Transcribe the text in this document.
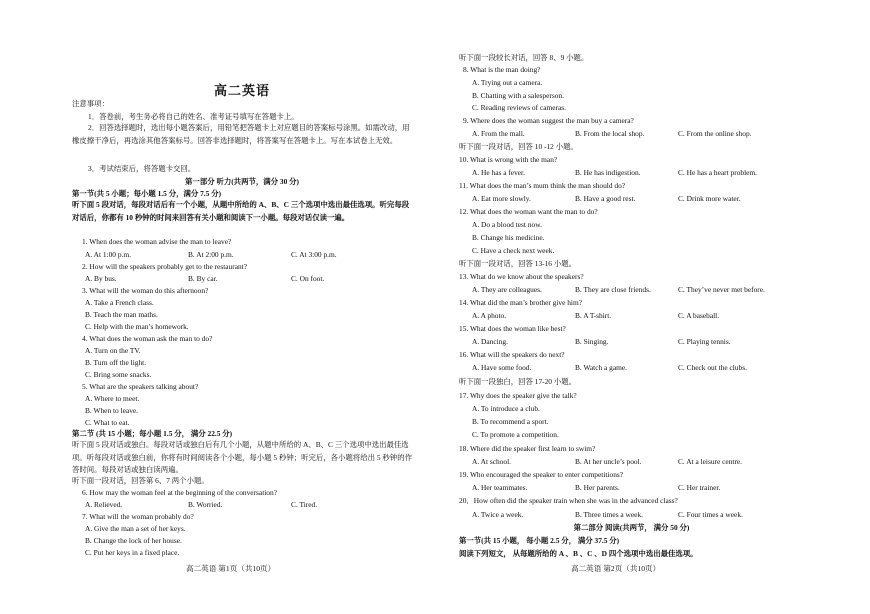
高二英语
注意事项：
1．答卷前，考生务必将自己的姓名、准考证号填写在答题卡上。
2．回答选择题时，选出每小题答案后，用铅笔把答题卡上对应题目的答案标号涂黑。如需改动，用橡皮擦干净后，再选涂其他答案标号。回答非选择题时，将答案写在答题卡上。写在本试卷上无效。
3．考试结束后，将答题卡交回。
第一部分 听力(共两节，满分 30 分)
第一节(共 5 小题；每小题 1.5 分，满分 7.5 分)
听下面 5 段对话，每段对话后有一个小题，从题中所给的 A、B、C 三个选项中选出最佳选项。听完每段对话后，你都有 10 秒钟的时间来回答有关小题和阅读下一小题。每段对话仅读一遍。
1. When does the woman advise the man to leave?
A. At 1:00 p.m.	B. At 2:00 p.m.	C. At 3:00 p.m.
2. How will the speakers probably get to the restaurant?
A. By bus.	B. By car.	C. On foot.
3. What will the woman do this afternoon?
A. Take a French class.
B. Teach the man maths.
C. Help with the man’s homework.
4. What does the woman ask the man to do?
A. Turn on the TV.
B. Turn off the light.
C. Bring some snacks.
5. What are the speakers talking about?
A. Where to meet.
B. When to leave.
C. What to eat.
第二节 (共 15 小题；每小题 1.5 分， 满分 22.5 分)
听下面 5 段对话或独白。每段对话或独白后有几个小题，从题中所给的 A、B、C 三个选项中选出最佳选项。听每段对话或独白前，你将有时间阅读各个小题，每小题 5 秒钟；听完后，各小题将给出 5 秒钟的作答时间。每段对话或独白读两遍。
听下面一段对话，回答第 6、7 两个小题。
6. How may the woman feel at the beginning of the conversation?
A. Relieved.	B. Worried.	C. Tired.
7. What will the woman probably do?
A. Give the man a set of her keys.
B. Change the lock of her house.
C. Put her keys in a fixed place.
高二英语 第1页（共10页）
听下面一段较长对话，回答 8、9 小题。
8. What is the man doing?
A. Trying out a camera.
B. Chatting with a salesperson.
C. Reading reviews of cameras.
9. Where does the woman suggest the man buy a camera?
A. From the mall.	B. From the local shop.	C. From the online shop.
听下面一段对话，回答 10 -12 小题。
10. What is wrong with the man?
A. He has a fever.	B. He has indigestion.	C. He has a heart problem.
11. What does the man’s mum think the man should do?
A. Eat more slowly.	B. Have a good rest.	C. Drink more water.
12. What does the woman want the man to do?
A. Do a blood test now.
B. Change his medicine.
C. Have a check next week.
听下面一段对话，回答 13-16 小题。
13. What do we know about the speakers?
A. They are colleagues.	B. They are close friends.	C. They’ve never met before.
14. What did the man’s brother give him?
A. A photo.	B. A T-shirt.	C. A baseball.
15. What does the woman like best?
A. Dancing.	B. Singing.	C. Playing tennis.
16. What will the speakers do next?
A. Have some food.	B. Watch a game.	C. Check out the clubs.
听下面一段独白，回答 17-20 小题。
17. Why does the speaker give the talk?
A. To introduce a club.
B. To recommend a sport.
C. To promote a competition.
18. Where did the speaker first learn to swim?
A. At school.	B. At her uncle’s pool.	C. At a leisure centre.
19. Who encouraged the speaker to enter competitions?
A. Her teammates.	B. Her parents.	C. Her trainer.
20．How often did the speaker train when she was in the advanced class?
A. Twice a week.	B. Three times a week.	C. Four times a week.
第二部分 阅读(共两节， 满分 50 分)
第一节(共 15 小题， 每小题 2.5 分， 满分 37.5 分)
阅读下列短文， 从每题所给的 A 、B 、C 、D 四个选项中选出最佳选项。
高二英语 第2页（共10页）
